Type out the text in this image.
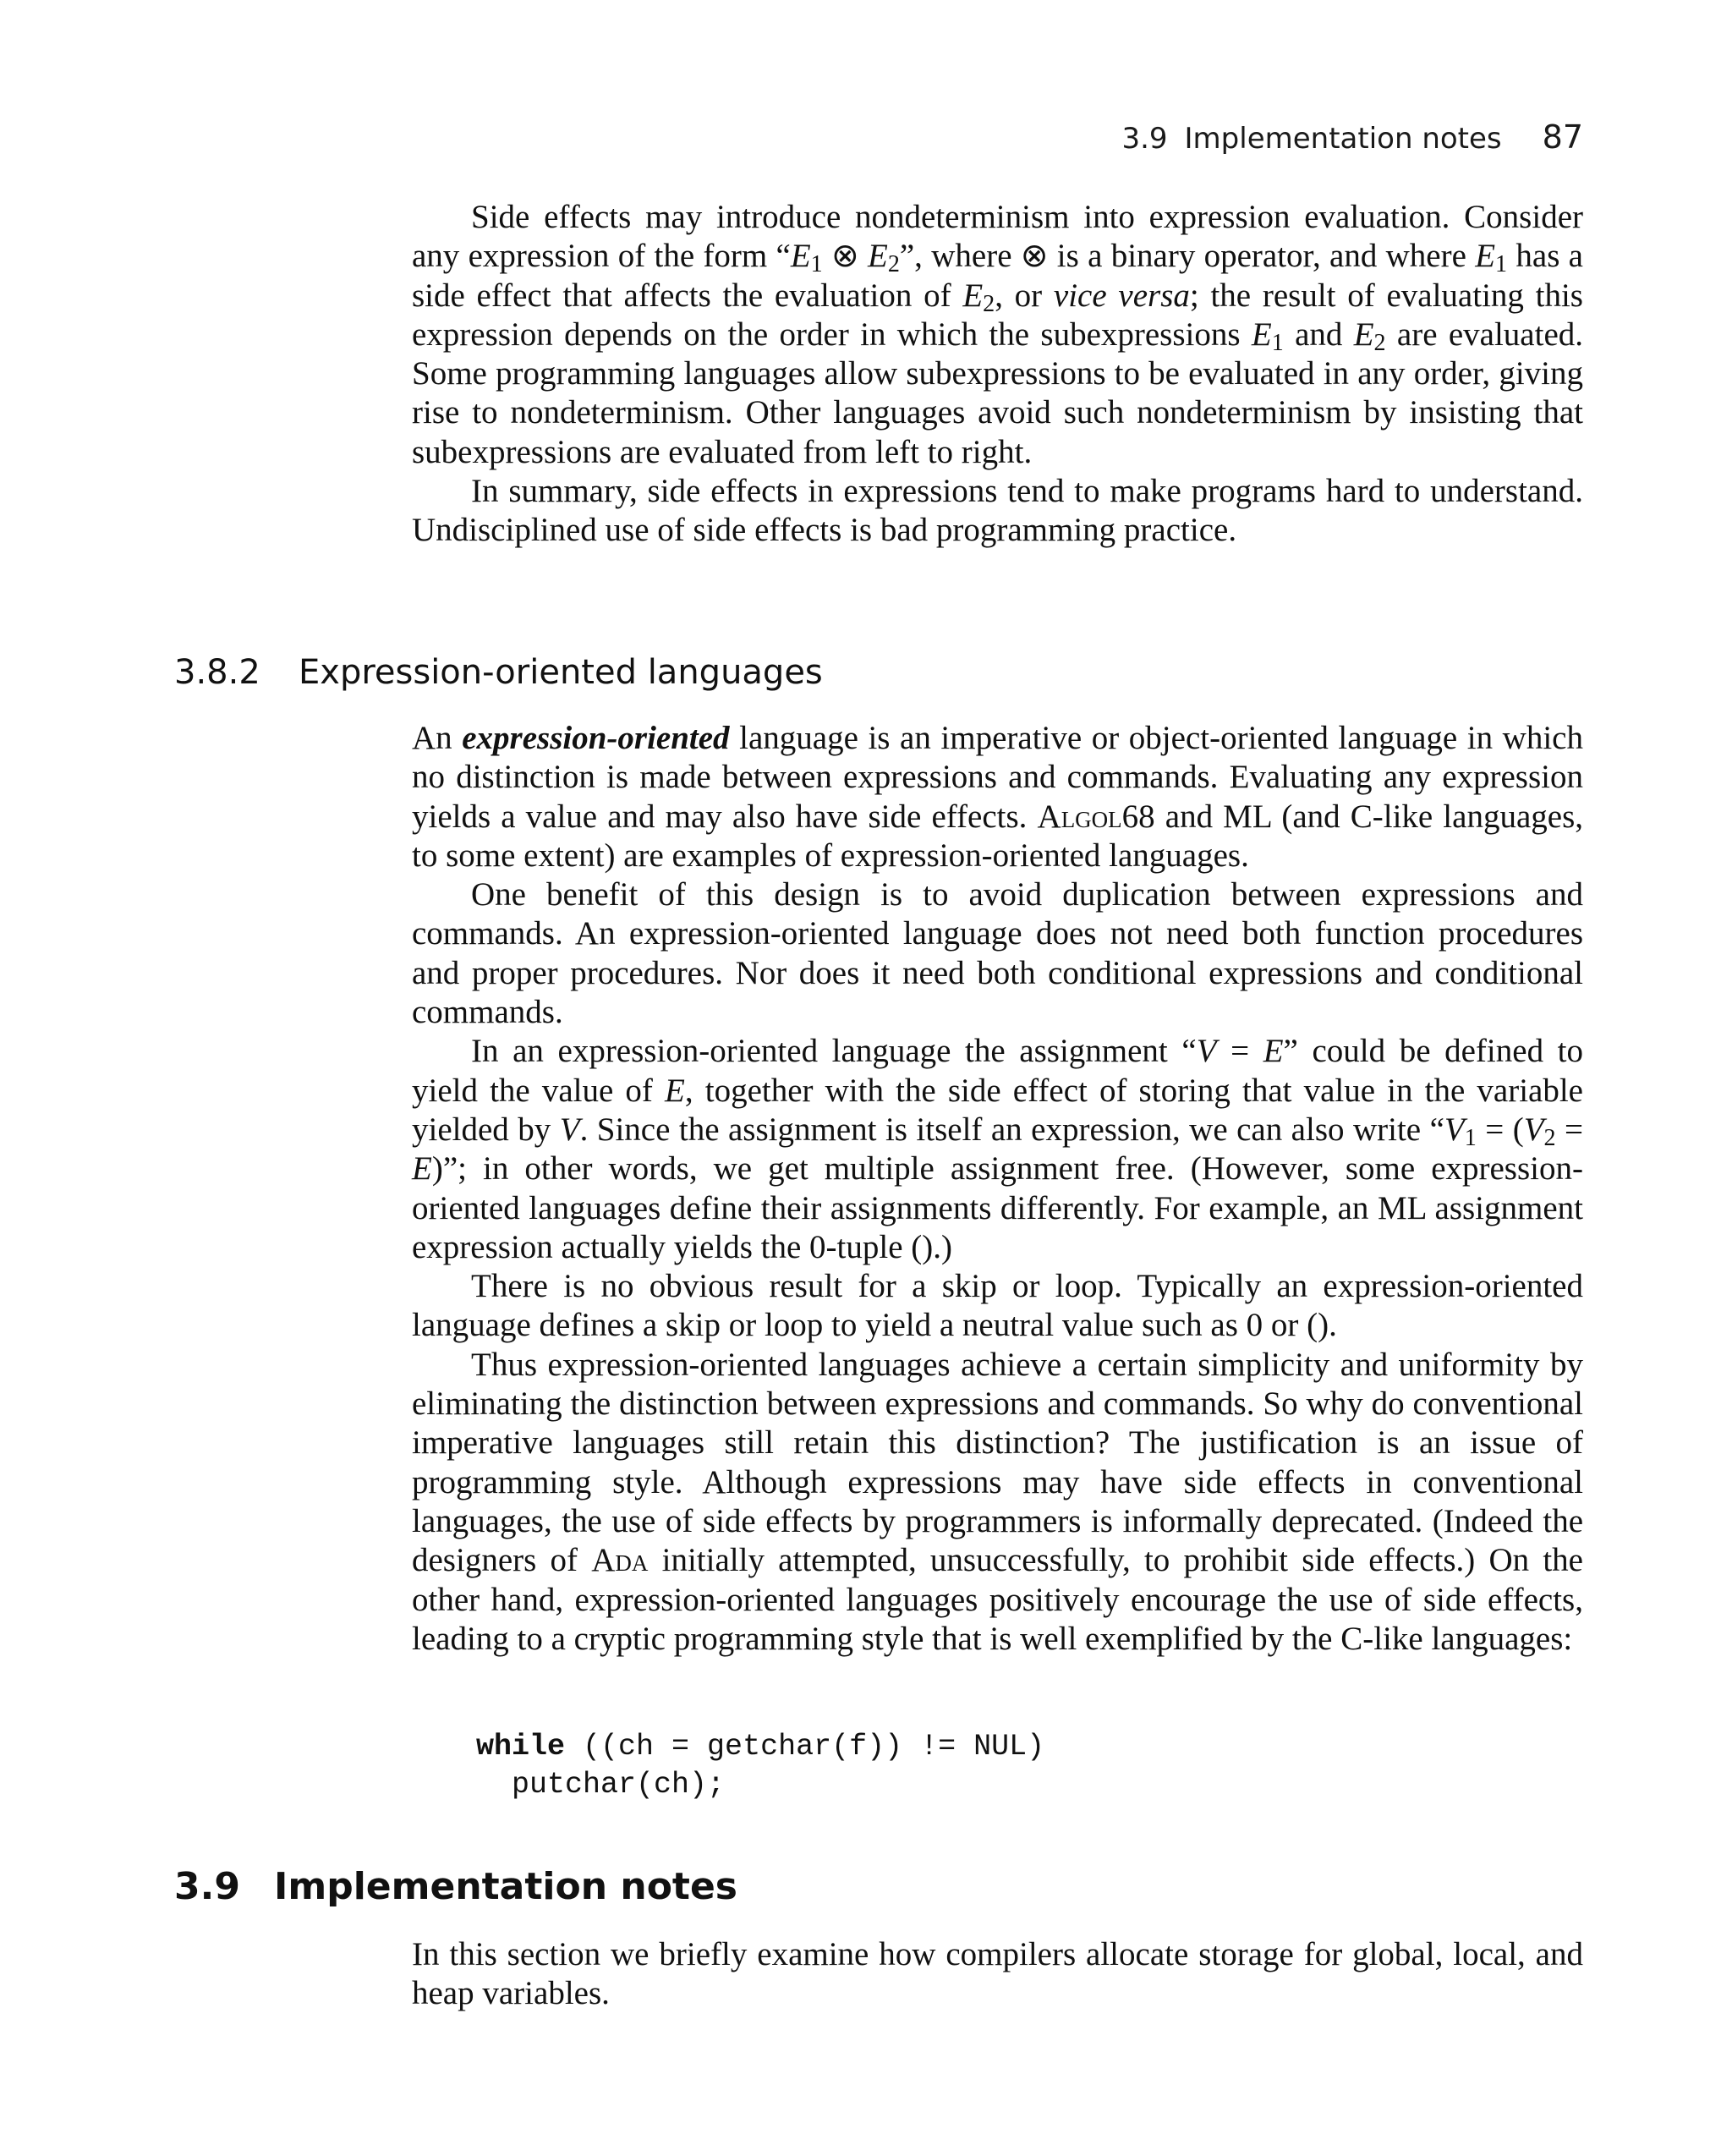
3.9 Implementation notes 87

Side effects may introduce nondeterminism into expression evaluation. Consider any expression of the form “$E_1$ ⊗ $E_2$”, where ⊗ is a binary operator, and where $E_1$ has a side effect that affects the evaluation of $E_2$, or vice versa; the result of evaluating this expression depends on the order in which the subexpressions $E_1$ and $E_2$ are evaluated. Some programming languages allow subexpressions to be evaluated in any order, giving rise to nondeterminism. Other languages avoid such nondeterminism by insisting that subexpressions are evaluated from left to right.

In summary, side effects in expressions tend to make programs hard to understand. Undisciplined use of side effects is bad programming practice.

3.8.2 Expression-oriented languages

An expression-oriented language is an imperative or object-oriented language in which no distinction is made between expressions and commands. Evaluating any expression yields a value and may also have side effects. Algol68 and ML (and C-like languages, to some extent) are examples of expression-oriented languages.

One benefit of this design is to avoid duplication between expressions and commands. An expression-oriented language does not need both function procedures and proper procedures. Nor does it need both conditional expressions and conditional commands.

In an expression-oriented language the assignment “V = E” could be defined to yield the value of E, together with the side effect of storing that value in the variable yielded by V. Since the assignment is itself an expression, we can also write “$V_1 = (V_2 = E)$”; in other words, we get multiple assignment free. (However, some expression-oriented languages define their assignments differently. For example, an ML assignment expression actually yields the 0-tuple ().)

There is no obvious result for a skip or loop. Typically an expression-oriented language defines a skip or loop to yield a neutral value such as 0 or ().

Thus expression-oriented languages achieve a certain simplicity and uniformity by eliminating the distinction between expressions and commands. So why do conventional imperative languages still retain this distinction? The justification is an issue of programming style. Although expressions may have side effects in conventional languages, the use of side effects by programmers is informally deprecated. (Indeed the designers of Ada initially attempted, unsuccessfully, to prohibit side effects.) On the other hand, expression-oriented languages positively encourage the use of side effects, leading to a cryptic programming style that is well exemplified by the C-like languages:

while ((ch = getchar(f)) != NUL)
putchar(ch);
3.9 Implementation notes

In this section we briefly examine how compilers allocate storage for global, local, and heap variables.
